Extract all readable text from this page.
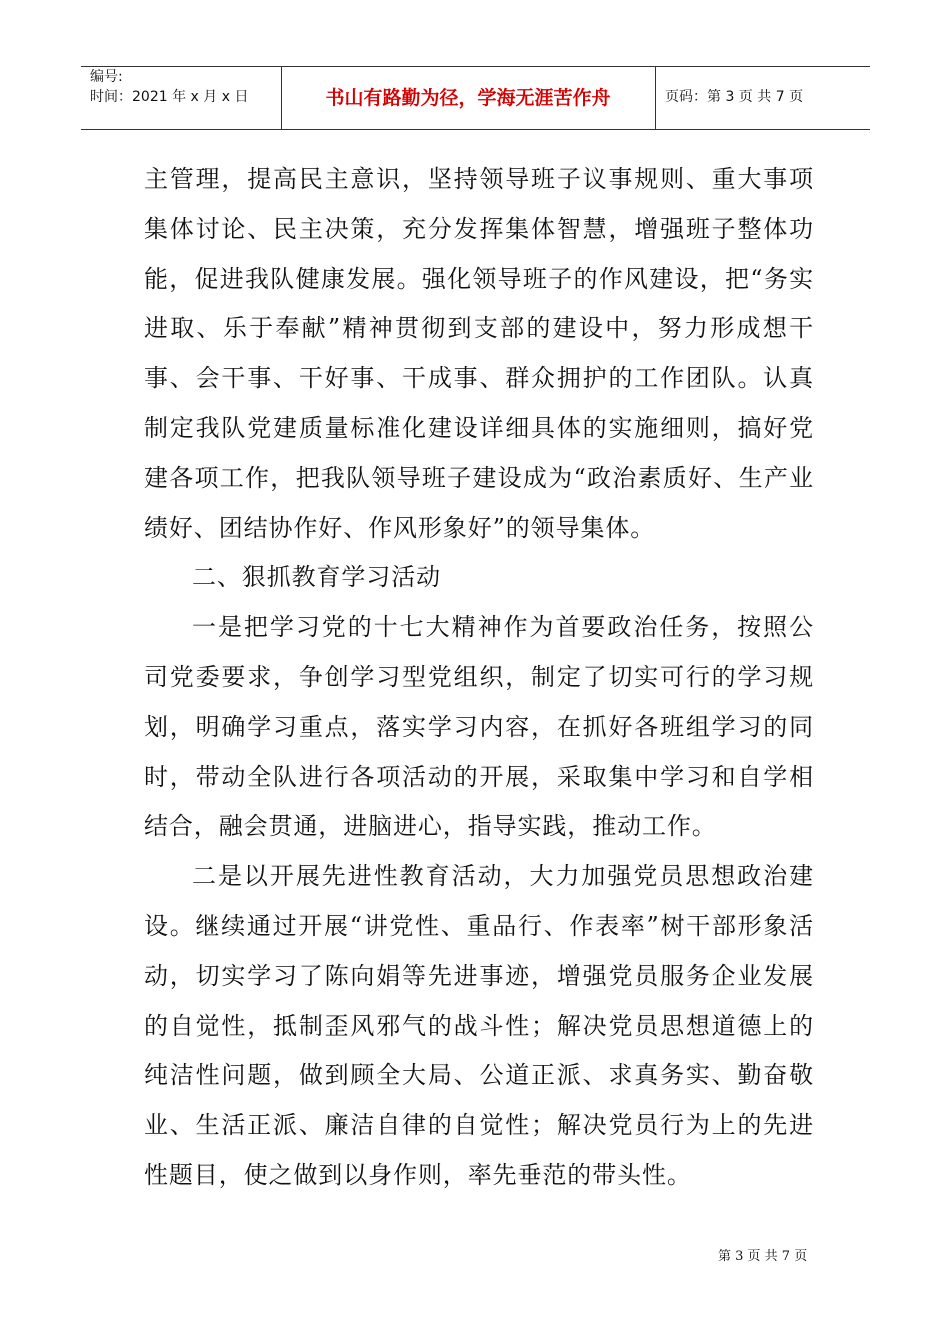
编号:
时间：2021 年 x 月 x 日	书山有路勤为径，学海无涯苦作舟	页码：第 3 页 共 7 页

主管理，提高民主意识，坚持领导班子议事规则、重大事项集体讨论、民主决策，充分发挥集体智慧，增强班子整体功能，促进我队健康发展。强化领导班子的作风建设，把“务实进取、乐于奉献”精神贯彻到支部的建设中，努力形成想干事、会干事、干好事、干成事、群众拥护的工作团队。认真制定我队党建质量标准化建设详细具体的实施细则，搞好党建各项工作，把我队领导班子建设成为“政治素质好、生产业绩好、团结协作好、作风形象好”的领导集体。

二、狠抓教育学习活动

一是把学习党的十七大精神作为首要政治任务，按照公司党委要求，争创学习型党组织，制定了切实可行的学习规划，明确学习重点，落实学习内容，在抓好各班组学习的同时，带动全队进行各项活动的开展，采取集中学习和自学相结合，融会贯通，进脑进心，指导实践，推动工作。

二是以开展先进性教育活动，大力加强党员思想政治建设。继续通过开展“讲党性、重品行、作表率”树干部形象活动，切实学习了陈向娟等先进事迹，增强党员服务企业发展的自觉性，抵制歪风邪气的战斗性；解决党员思想道德上的纯洁性问题，做到顾全大局、公道正派、求真务实、勤奋敬业、生活正派、廉洁自律的自觉性；解决党员行为上的先进性题目，使之做到以身作则，率先垂范的带头性。

第 3 页 共 7 页
